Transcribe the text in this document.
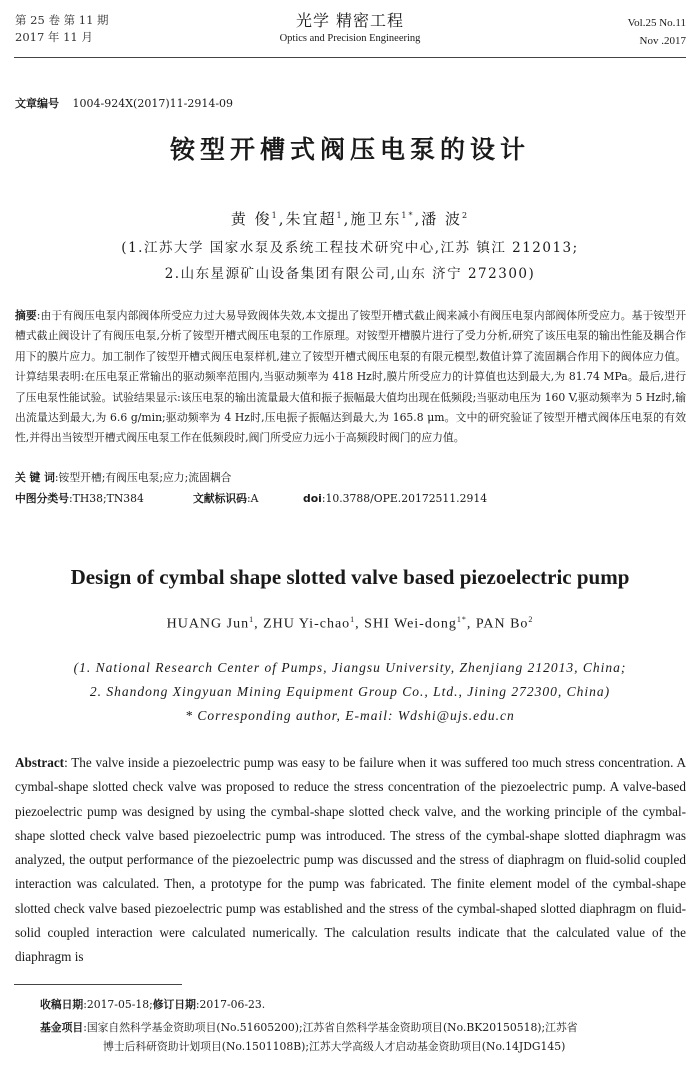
第 25 卷 第 11 期
2017 年 11 月
光学 精密工程
Optics and Precision Engineering
Vol.25 No.11
Nov .2017
文章编号 1004-924X(2017)11-2914-09
铵型开槽式阀压电泵的设计
黄 俊$^1$,朱宜超$^1$,施卫东$^{1*}$,潘 波$^2$
(1.江苏大学 国家水泵及系统工程技术研究中心,江苏 镇江 212013;
2.山东星源矿山设备集团有限公司,山东 济宁 272300)
摘要:由于有阀压电泵内部阀体所受应力过大易导致阀体失效,本文提出了铵型开槽式截止阀来减小有阀压电泵内部阀体所受应力。基于铵型开槽式截止阀设计了有阀压电泵,分析了铵型开槽式阀压电泵的工作原理。对铵型开槽膜片进行了受力分析,研究了该压电泵的输出性能及耦合作用下的膜片应力。加工制作了铵型开槽式阀压电泵样机,建立了铵型开槽式阀压电泵的有限元模型,数值计算了流固耦合作用下的阀体应力值。计算结果表明:在压电泵正常输出的驱动频率范围内,当驱动频率为 418 Hz时,膜片所受应力的计算值也达到最大,为 81.74 MPa。最后,进行了压电泵性能试验。试验结果显示:该压电泵的输出流量最大值和振子振幅最大值均出现在低频段;当驱动电压为 160 V,驱动频率为 5 Hz时,输出流量达到最大,为 6.6 g/min;驱动频率为 4 Hz时,压电振子振幅达到最大,为 165.8 μm。文中的研究验证了铵型开槽式阀体压电泵的有效性,并得出当铵型开槽式阀压电泵工作在低频段时,阀门所受应力远小于高频段时阀门的应力值。
关 键 词:铵型开槽;有阀压电泵;应力;流固耦合
中图分类号:TH38;TN384	文献标识码:A	doi:10.3788/OPE.20172511.2914
Design of cymbal shape slotted valve based piezoelectric pump
HUANG Jun$^1$, ZHU Yi-chao$^1$, SHI Wei-dong$^{1*}$, PAN Bo$^2$
(1. National Research Center of Pumps, Jiangsu University, Zhenjiang 212013, China;
2. Shandong Xingyuan Mining Equipment Group Co., Ltd., Jining 272300, China)
* Corresponding author, E-mail: Wdshi@ujs.edu.cn
Abstract: The valve inside a piezoelectric pump was easy to be failure when it was suffered too much stress concentration. A cymbal-shape slotted check valve was proposed to reduce the stress concentration of the piezoelectric pump. A valve-based piezoelectric pump was designed by using the cymbal-shape slotted check valve, and the working principle of the cymbal-shape slotted check valve based piezoelectric pump was introduced. The stress of the cymbal-shape slotted diaphragm was analyzed, the output performance of the piezoelectric pump was discussed and the stress of diaphragm on fluid-solid coupled interaction was calculated. Then, a prototype for the pump was fabricated. The finite element model of the cymbal-shape slotted check valve based piezoelectric pump was established and the stress of the cymbal-shaped slotted diaphragm on fluid-solid coupled interaction were calculated numerically. The calculation results indicate that the calculated value of the diaphragm is
收稿日期:2017-05-18;修订日期:2017-06-23.
基金项目:国家自然科学基金资助项目(No.51605200);江苏省自然科学基金资助项目(No.BK20150518);江苏省
博士后科研资助计划项目(No.1501108B);江苏大学高级人才启动基金资助项目(No.14JDG145)
